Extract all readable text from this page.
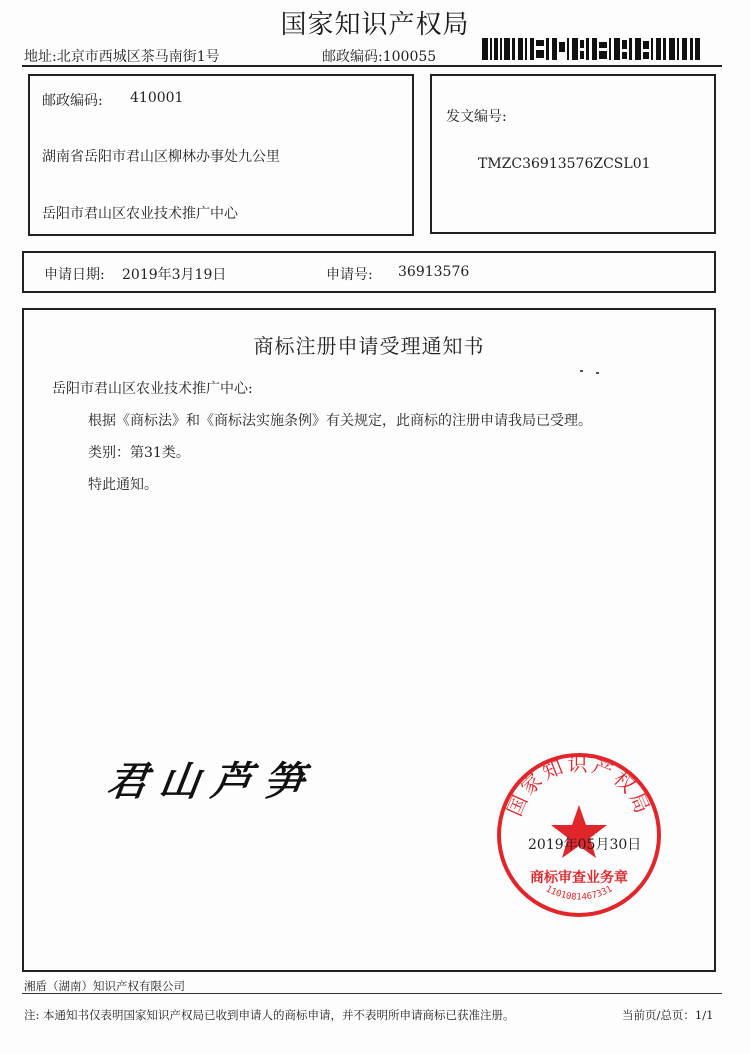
国家知识产权局
地址:北京市西城区茶马南街1号	邮政编码:100055
邮政编码: 410001
湖南省岳阳市君山区柳林办事处九公里
岳阳市君山区农业技术推广中心
发文编号:
TMZC36913576ZCSL01
申请日期: 2019年3月19日	申请号: 36913576
商标注册申请受理通知书
岳阳市君山区农业技术推广中心:
根据《商标法》和《商标法实施条例》有关规定，此商标的注册申请我局已受理。
类别：第31类。
特此通知。
君山芦笋	国家知识产权局
商标审查业务章
1101081467331
2019年05月30日
湘盾（湖南）知识产权有限公司
注: 本通知书仅表明国家知识产权局已收到申请人的商标申请，并不表明所申请商标已获准注册。	当前页/总页：1/1
